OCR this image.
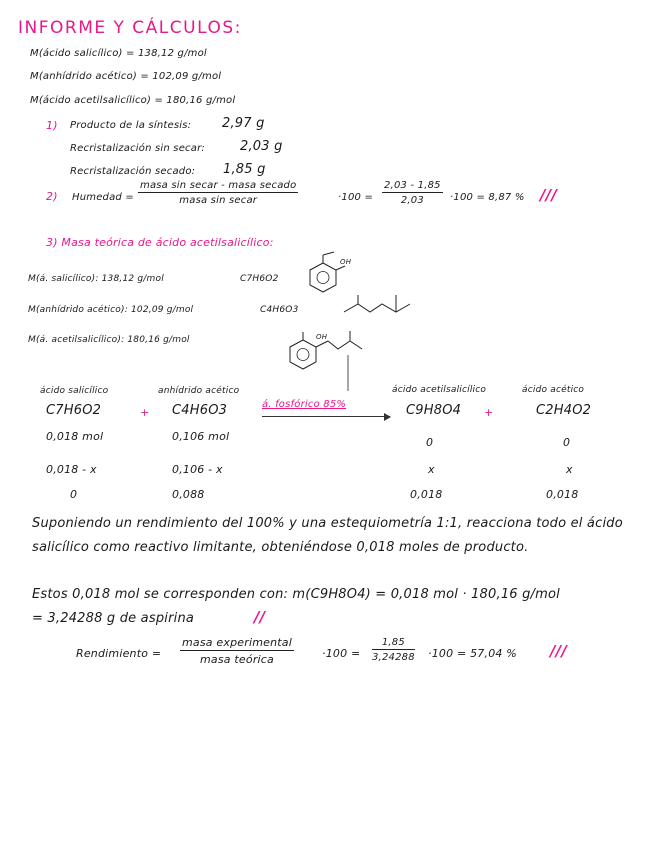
INFORME Y CÁLCULOS:
M(ácido salicílico) = 138,12 g/mol
M(anhídrido acético) = 102,09 g/mol
M(ácido acetilsalicílico) = 180,16 g/mol
1) Producto de la síntesis: 2,97 g
Recristalización sin secar:	2,03 g
Recristalización secado: 1,85 g
2) Humedad =
masa sin secar - masa secado
masa sin secar	$\cdot 100 = \frac{2,03 - 1,85}{2,03} \cdot 100 = 8,87$ % ///
3) Masa teórica de ácido acetilsalicílico:
M(á. salicílico): 138,12 g/mol	C7H6O2
OH
M(anhídrido acético): 102,09 g/mol	C4H6O3
M(á. acetilsalicílico): 180,16 g/mol	OH
ácido salicílico	anhídrido acético	ácido acetilsalicílico	ácido acético
C7H6O2	+ C4H6O3	á. fosfórico 85%	C9H8O4 +	C2H4O2
0,018 mol	0,106 mol	0	0
0,018 - x	0,106 - x	x	x
0	0,088	0,018	0,018
Suponiendo un rendimiento del 100% y una estequiometría 1:1, reacciona todo el ácido salicílico como reactivo limitante, obteniéndose 0,018 moles de producto.
Estos 0,018 mol se corresponden con: m(C9H8O4) = 0,018 mol · 180,16 g/mol
= 3,24288 g de aspirina	//
Rendimiento =
masa experimental
masa teórica	$\cdot 100 = \frac{1,85}{3,24288} \cdot 100 = 57,04$ % ///
